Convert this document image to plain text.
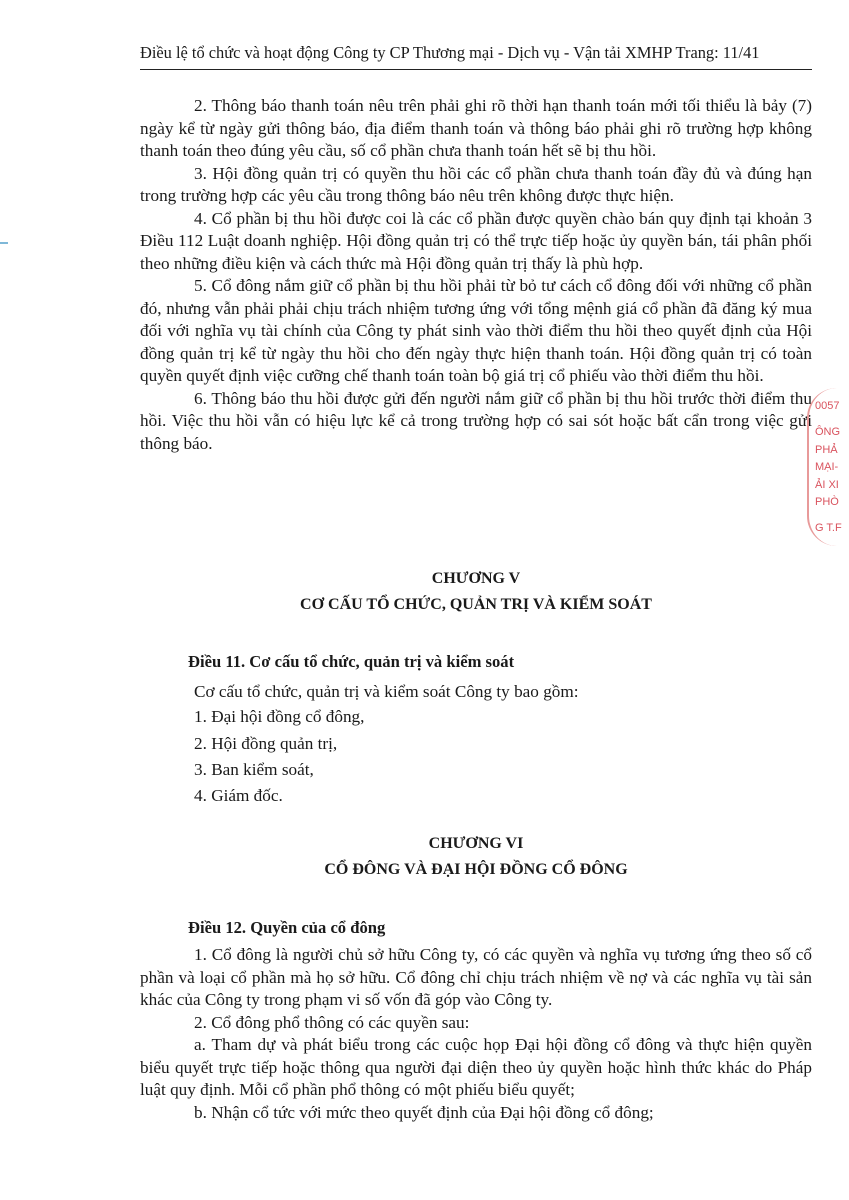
Điều lệ tổ chức và hoạt động Công ty CP Thương mại - Dịch vụ - Vận tải XMHP Trang: 11/41

2. Thông báo thanh toán nêu trên phải ghi rõ thời hạn thanh toán mới tối thiểu là bảy (7) ngày kể từ ngày gửi thông báo, địa điểm thanh toán và thông báo phải ghi rõ trường hợp không thanh toán theo đúng yêu cầu, số cổ phần chưa thanh toán hết sẽ bị thu hồi.

3. Hội đồng quản trị có quyền thu hồi các cổ phần chưa thanh toán đầy đủ và đúng hạn trong trường hợp các yêu cầu trong thông báo nêu trên không được thực hiện.

4. Cổ phần bị thu hồi được coi là các cổ phần được quyền chào bán quy định tại khoản 3 Điều 112 Luật doanh nghiệp. Hội đồng quản trị có thể trực tiếp hoặc ủy quyền bán, tái phân phối theo những điều kiện và cách thức mà Hội đồng quản trị thấy là phù hợp.

5. Cổ đông nắm giữ cổ phần bị thu hồi phải từ bỏ tư cách cổ đông đối với những cổ phần đó, nhưng vẫn phải phải chịu trách nhiệm tương ứng với tổng mệnh giá cổ phần đã đăng ký mua đối với nghĩa vụ tài chính của Công ty phát sinh vào thời điểm thu hồi theo quyết định của Hội đồng quản trị kể từ ngày thu hồi cho đến ngày thực hiện thanh toán. Hội đồng quản trị có toàn quyền quyết định việc cưỡng chế thanh toán toàn bộ giá trị cổ phiếu vào thời điểm thu hồi.

6. Thông báo thu hồi được gửi đến người nắm giữ cổ phần bị thu hồi trước thời điểm thu hồi. Việc thu hồi vẫn có hiệu lực kể cả trong trường hợp có sai sót hoặc bất cẩn trong việc gửi thông báo.

CHƯƠNG V
CƠ CẤU TỔ CHỨC, QUẢN TRỊ VÀ KIỂM SOÁT
Điều 11. Cơ cấu tổ chức, quản trị và kiểm soát
Cơ cấu tổ chức, quản trị và kiểm soát Công ty bao gồm:
1. Đại hội đồng cổ đông,
2. Hội đồng quản trị,
3. Ban kiểm soát,
4. Giám đốc.
CHƯƠNG VI
CỔ ĐÔNG VÀ ĐẠI HỘI ĐỒNG CỔ ĐÔNG
Điều 12. Quyền của cổ đông

1. Cổ đông là người chủ sở hữu Công ty, có các quyền và nghĩa vụ tương ứng theo số cổ phần và loại cổ phần mà họ sở hữu. Cổ đông chỉ chịu trách nhiệm về nợ và các nghĩa vụ tài sản khác của Công ty trong phạm vi số vốn đã góp vào Công ty.

2. Cổ đông phổ thông có các quyền sau:

a. Tham dự và phát biểu trong các cuộc họp Đại hội đồng cổ đông và thực hiện quyền biểu quyết trực tiếp hoặc thông qua người đại diện theo ủy quyền hoặc hình thức khác do Pháp luật quy định. Mỗi cổ phần phổ thông có một phiếu biểu quyết;

b. Nhận cổ tức với mức theo quyết định của Đại hội đồng cổ đông;

0057
ÔNG
PHẢ
MẠI-
ẢI XI
PHÒ
G T.F
